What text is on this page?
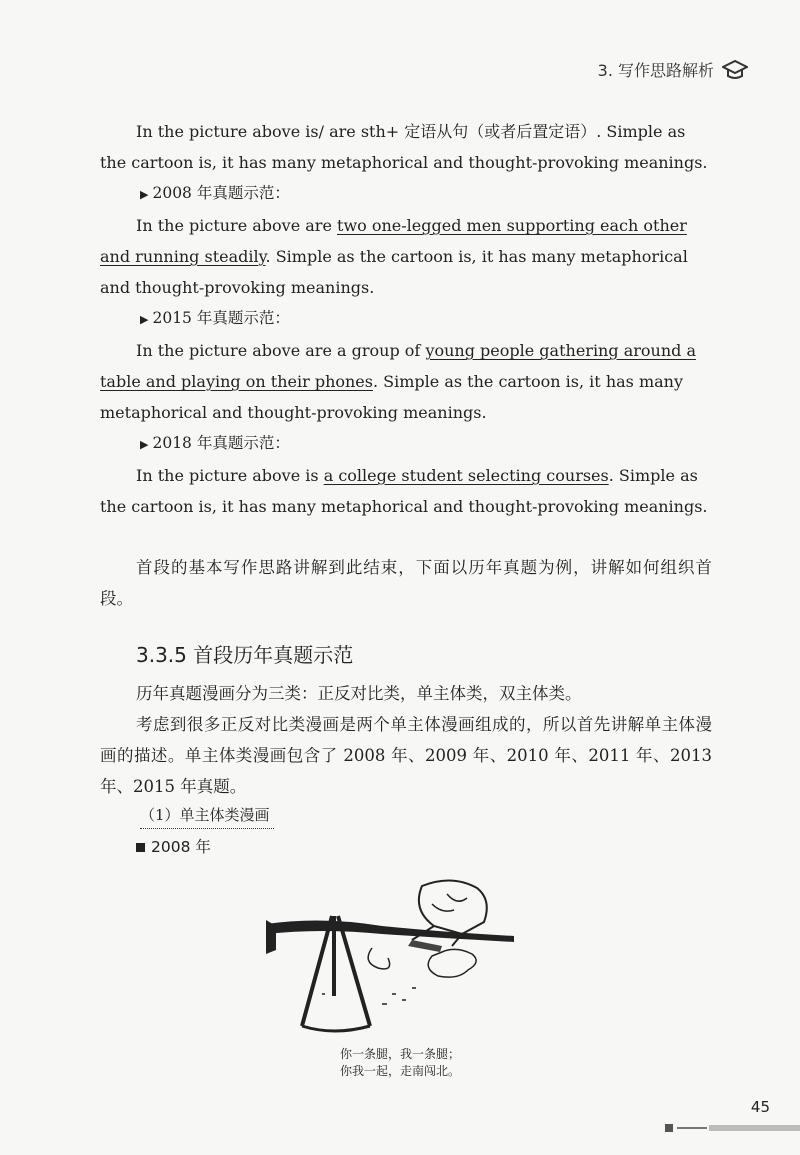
3. 写作思路解析

In the picture above is/ are sth+ 定语从句（或者后置定语）. Simple as the cartoon is, it has many metaphorical and thought-provoking meanings.

▶ 2008 年真题示范：

In the picture above are two one-legged men supporting each other and running steadily. Simple as the cartoon is, it has many metaphorical and thought-provoking meanings.

▶ 2015 年真题示范：

In the picture above are a group of young people gathering around a table and playing on their phones. Simple as the cartoon is, it has many metaphorical and thought-provoking meanings.

▶ 2018 年真题示范：

In the picture above is a college student selecting courses. Simple as the cartoon is, it has many metaphorical and thought-provoking meanings.

首段的基本写作思路讲解到此结束，下面以历年真题为例，讲解如何组织首段。

3.3.5 首段历年真题示范

历年真题漫画分为三类：正反对比类，单主体类，双主体类。

考虑到很多正反对比类漫画是两个单主体漫画组成的，所以首先讲解单主体漫画的描述。单主体类漫画包含了 2008 年、2009 年、2010 年、2011 年、2013 年、2015 年真题。

（1）单主体类漫画
2008 年
你一条腿，我一条腿；
你我一起，走南闯北。
45
